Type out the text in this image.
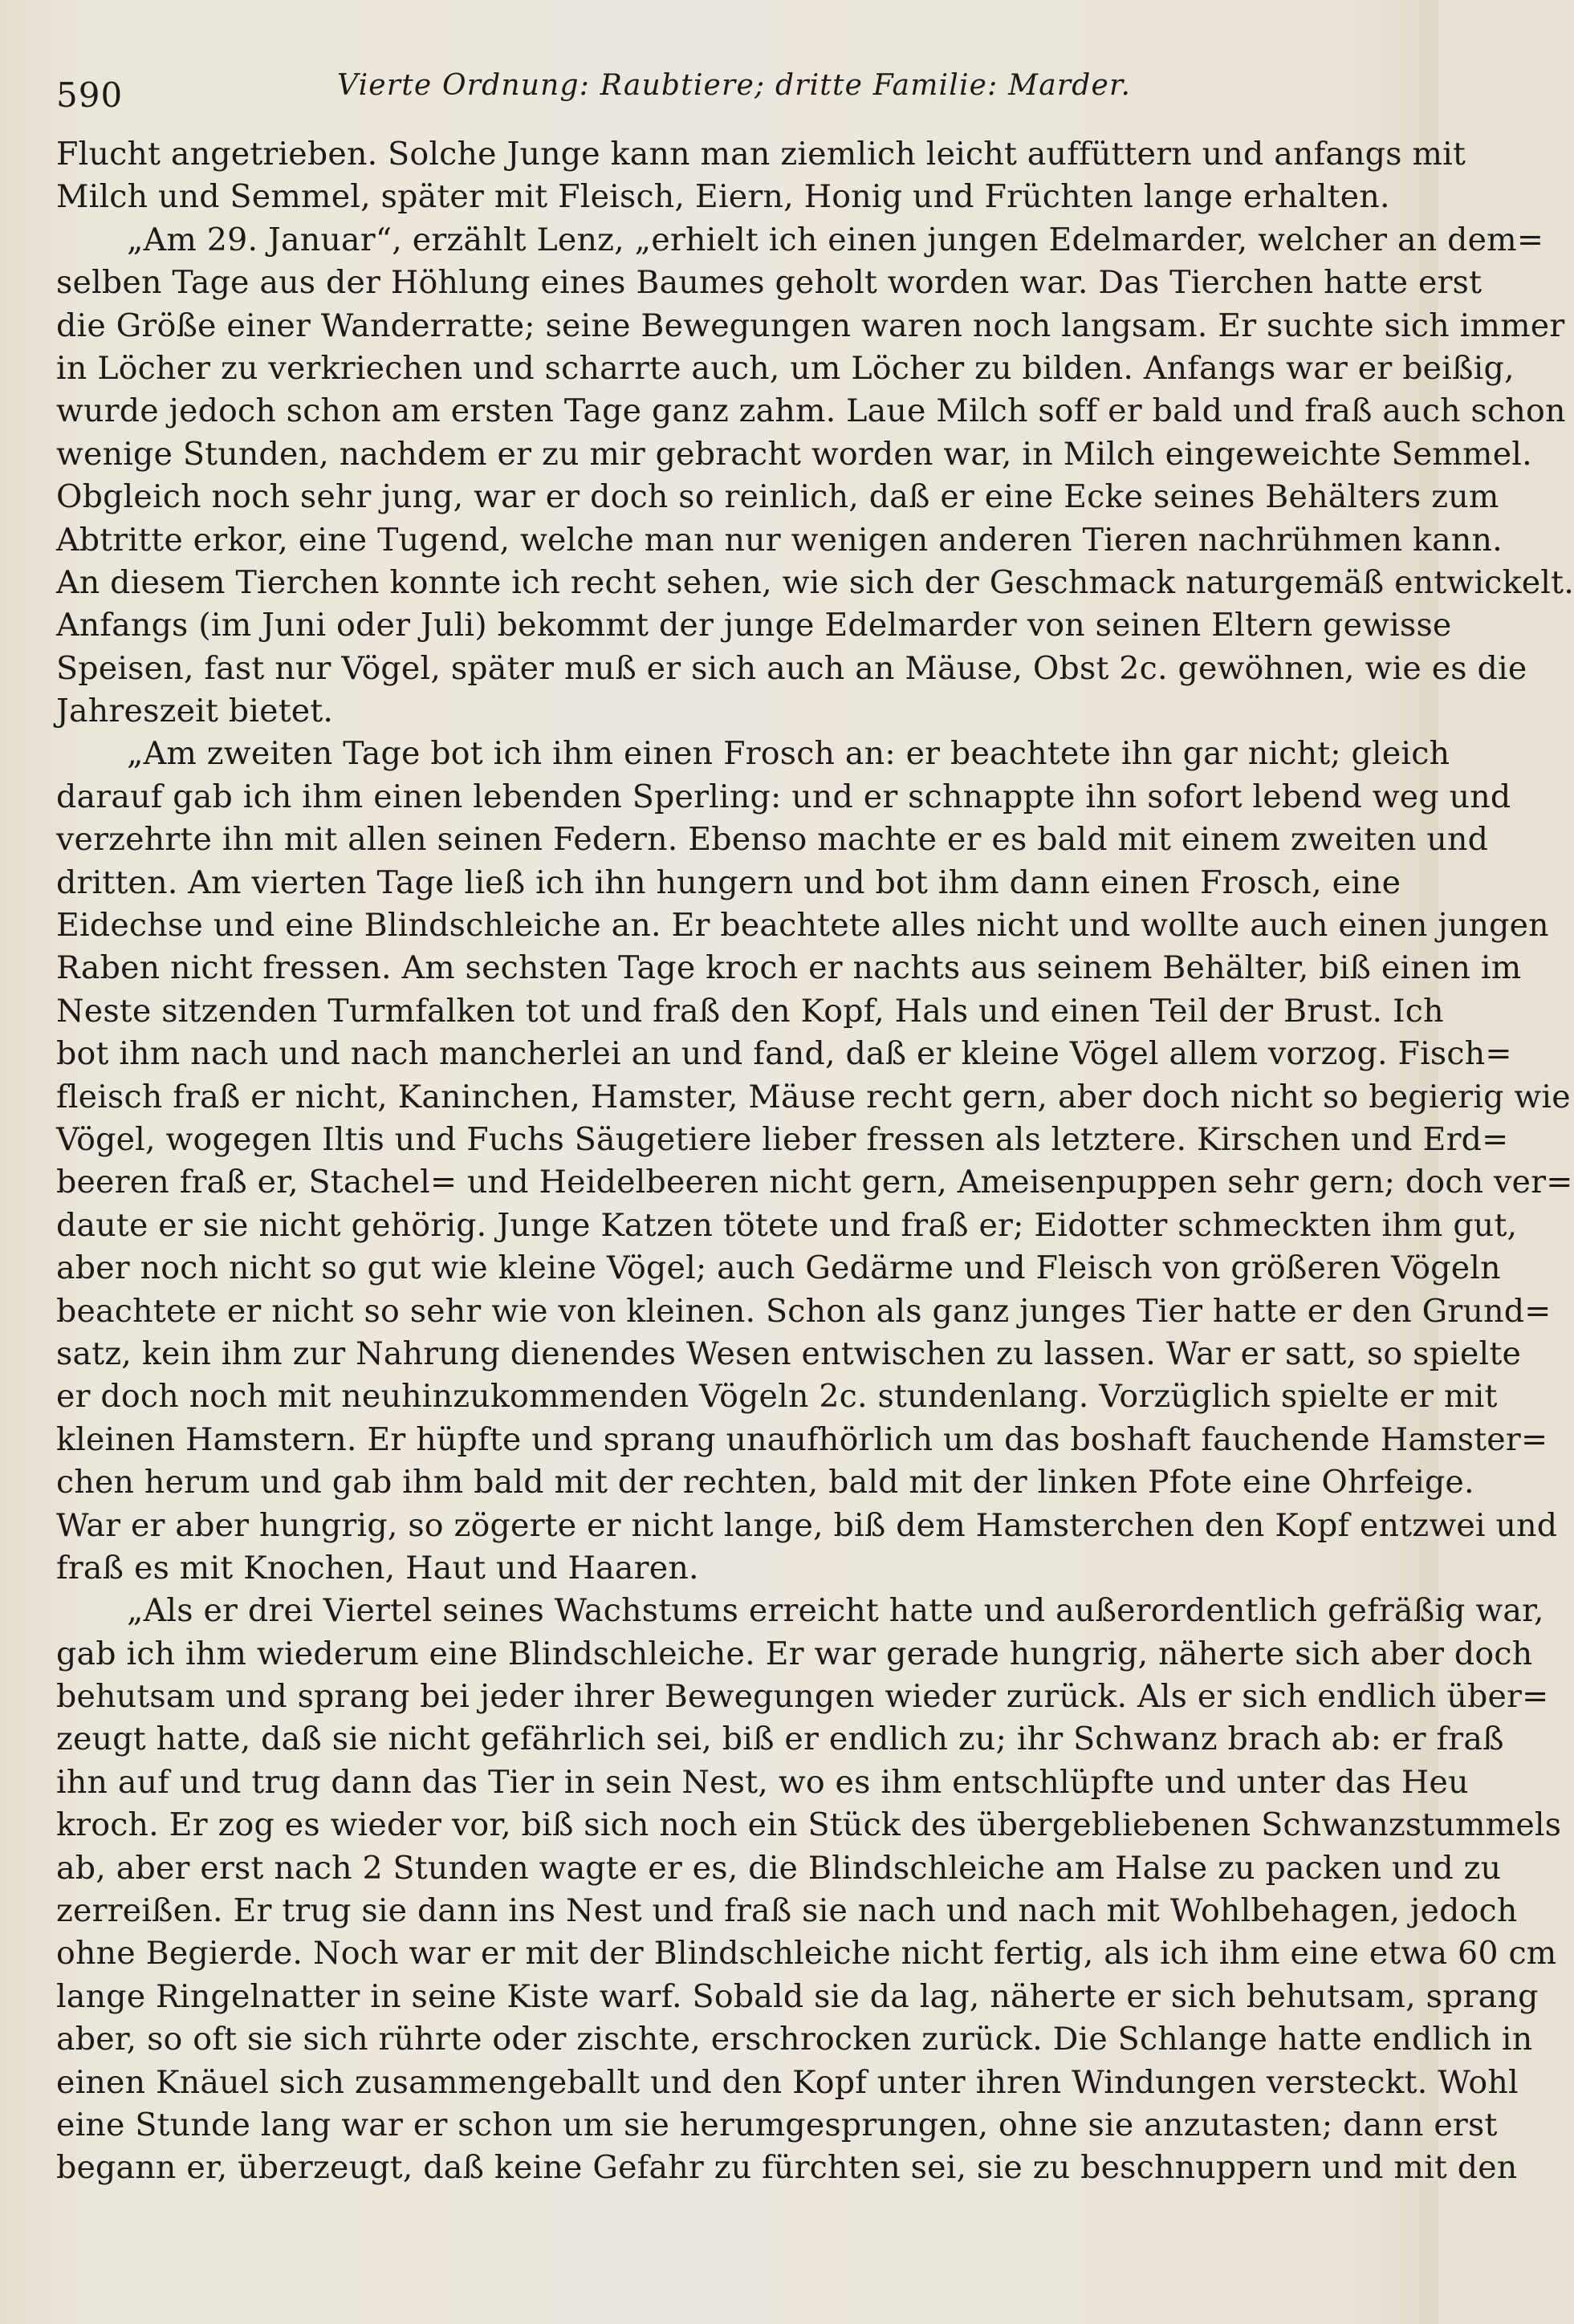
590	Vierte Ordnung: Raubtiere; dritte Familie: Marder.
Flucht angetrieben. Solche Junge kann man ziemlich leicht auffüttern und anfangs mit
Milch und Semmel, später mit Fleisch, Eiern, Honig und Früchten lange erhalten.
„Am 29. Januar“, erzählt Lenz, „erhielt ich einen jungen Edelmarder, welcher an dem=
selben Tage aus der Höhlung eines Baumes geholt worden war. Das Tierchen hatte erst
die Größe einer Wanderratte; seine Bewegungen waren noch langsam. Er suchte sich immer
in Löcher zu verkriechen und scharrte auch, um Löcher zu bilden. Anfangs war er beißig,
wurde jedoch schon am ersten Tage ganz zahm. Laue Milch soff er bald und fraß auch schon
wenige Stunden, nachdem er zu mir gebracht worden war, in Milch eingeweichte Semmel.
Obgleich noch sehr jung, war er doch so reinlich, daß er eine Ecke seines Behälters zum
Abtritte erkor, eine Tugend, welche man nur wenigen anderen Tieren nachrühmen kann.
An diesem Tierchen konnte ich recht sehen, wie sich der Geschmack naturgemäß entwickelt.
Anfangs (im Juni oder Juli) bekommt der junge Edelmarder von seinen Eltern gewisse
Speisen, fast nur Vögel, später muß er sich auch an Mäuse, Obst 2c. gewöhnen, wie es die
Jahreszeit bietet.
„Am zweiten Tage bot ich ihm einen Frosch an: er beachtete ihn gar nicht; gleich
darauf gab ich ihm einen lebenden Sperling: und er schnappte ihn sofort lebend weg und
verzehrte ihn mit allen seinen Federn. Ebenso machte er es bald mit einem zweiten und
dritten. Am vierten Tage ließ ich ihn hungern und bot ihm dann einen Frosch, eine
Eidechse und eine Blindschleiche an. Er beachtete alles nicht und wollte auch einen jungen
Raben nicht fressen. Am sechsten Tage kroch er nachts aus seinem Behälter, biß einen im
Neste sitzenden Turmfalken tot und fraß den Kopf, Hals und einen Teil der Brust. Ich
bot ihm nach und nach mancherlei an und fand, daß er kleine Vögel allem vorzog. Fisch=
fleisch fraß er nicht, Kaninchen, Hamster, Mäuse recht gern, aber doch nicht so begierig wie
Vögel, wogegen Iltis und Fuchs Säugetiere lieber fressen als letztere. Kirschen und Erd=
beeren fraß er, Stachel= und Heidelbeeren nicht gern, Ameisenpuppen sehr gern; doch ver=
daute er sie nicht gehörig. Junge Katzen tötete und fraß er; Eidotter schmeckten ihm gut,
aber noch nicht so gut wie kleine Vögel; auch Gedärme und Fleisch von größeren Vögeln
beachtete er nicht so sehr wie von kleinen. Schon als ganz junges Tier hatte er den Grund=
satz, kein ihm zur Nahrung dienendes Wesen entwischen zu lassen. War er satt, so spielte
er doch noch mit neuhinzukommenden Vögeln 2c. stundenlang. Vorzüglich spielte er mit
kleinen Hamstern. Er hüpfte und sprang unaufhörlich um das boshaft fauchende Hamster=
chen herum und gab ihm bald mit der rechten, bald mit der linken Pfote eine Ohrfeige.
War er aber hungrig, so zögerte er nicht lange, biß dem Hamsterchen den Kopf entzwei und
fraß es mit Knochen, Haut und Haaren.
„Als er drei Viertel seines Wachstums erreicht hatte und außerordentlich gefräßig war,
gab ich ihm wiederum eine Blindschleiche. Er war gerade hungrig, näherte sich aber doch
behutsam und sprang bei jeder ihrer Bewegungen wieder zurück. Als er sich endlich über=
zeugt hatte, daß sie nicht gefährlich sei, biß er endlich zu; ihr Schwanz brach ab: er fraß
ihn auf und trug dann das Tier in sein Nest, wo es ihm entschlüpfte und unter das Heu
kroch. Er zog es wieder vor, biß sich noch ein Stück des übergebliebenen Schwanzstummels
ab, aber erst nach 2 Stunden wagte er es, die Blindschleiche am Halse zu packen und zu
zerreißen. Er trug sie dann ins Nest und fraß sie nach und nach mit Wohlbehagen, jedoch
ohne Begierde. Noch war er mit der Blindschleiche nicht fertig, als ich ihm eine etwa 60 cm
lange Ringelnatter in seine Kiste warf. Sobald sie da lag, näherte er sich behutsam, sprang
aber, so oft sie sich rührte oder zischte, erschrocken zurück. Die Schlange hatte endlich in
einen Knäuel sich zusammengeballt und den Kopf unter ihren Windungen versteckt. Wohl
eine Stunde lang war er schon um sie herumgesprungen, ohne sie anzutasten; dann erst
begann er, überzeugt, daß keine Gefahr zu fürchten sei, sie zu beschnuppern und mit den
